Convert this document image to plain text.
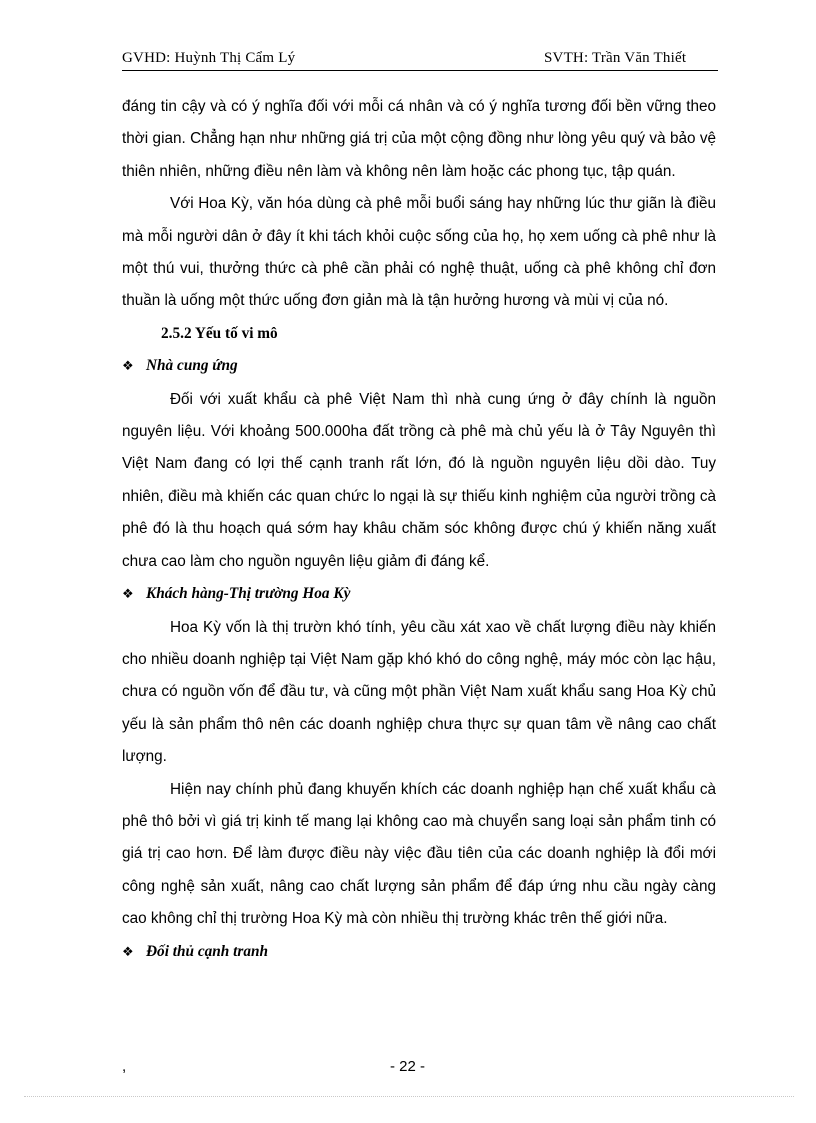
GVHD: Huỳnh Thị Cẩm Lý	SVTH: Trần Văn Thiết

đáng tin cậy và có ý nghĩa đối với mỗi cá nhân và có ý nghĩa tương đối bền vững theo thời gian. Chẳng hạn như những giá trị của một cộng đồng như lòng yêu quý và bảo vệ thiên nhiên, những điều nên làm và không nên làm hoặc các phong tục, tập quán.

Với Hoa Kỳ, văn hóa dùng cà phê mỗi buổi sáng hay những lúc thư giãn là điều mà mỗi người dân ở đây ít khi tách khỏi cuộc sống của họ, họ xem uống cà phê như là một thú vui, thưởng thức cà phê cần phải có nghệ thuật, uống cà phê không chỉ đơn thuần là uống một thức uống đơn giản mà là tận hưởng hương và mùi vị của nó.

2.5.2 Yếu tố vi mô

❖ Nhà cung ứng

Đối với xuất khẩu cà phê Việt Nam thì nhà cung ứng ở đây chính là nguồn nguyên liệu. Với khoảng 500.000ha đất trồng cà phê mà chủ yếu là ở Tây Nguyên thì Việt Nam đang có lợi thế cạnh tranh rất lớn, đó là nguồn nguyên liệu dồi dào. Tuy nhiên, điều mà khiến các quan chức lo ngại là sự thiếu kinh nghiệm của người trồng cà phê đó là thu hoạch quá sớm hay khâu chăm sóc không được chú ý khiến năng xuất chưa cao làm cho nguồn nguyên liệu giảm đi đáng kể.

❖ Khách hàng-Thị trường Hoa Kỳ

Hoa Kỳ vốn là thị trườn khó tính, yêu cầu xát xao về chất lượng điều này khiến cho nhiều doanh nghiệp tại Việt Nam gặp khó khó do công nghệ, máy móc còn lạc hậu, chưa có nguồn vốn để đầu tư, và cũng một phần Việt Nam xuất khẩu sang Hoa Kỳ chủ yếu là sản phẩm thô nên các doanh nghiệp chưa thực sự quan tâm về nâng cao chất lượng.

Hiện nay chính phủ đang khuyến khích các doanh nghiệp hạn chế xuất khẩu cà phê thô bởi vì giá trị kinh tế mang lại không cao mà chuyển sang loại sản phẩm tinh có giá trị cao hơn. Để làm được điều này việc đầu tiên của các doanh nghiệp là đổi mới công nghệ sản xuất, nâng cao chất lượng sản phẩm để đáp ứng nhu cầu ngày càng cao không chỉ thị trường Hoa Kỳ mà còn nhiều thị trường khác trên thế giới nữa.

❖ Đối thủ cạnh tranh

,	- 22 -
